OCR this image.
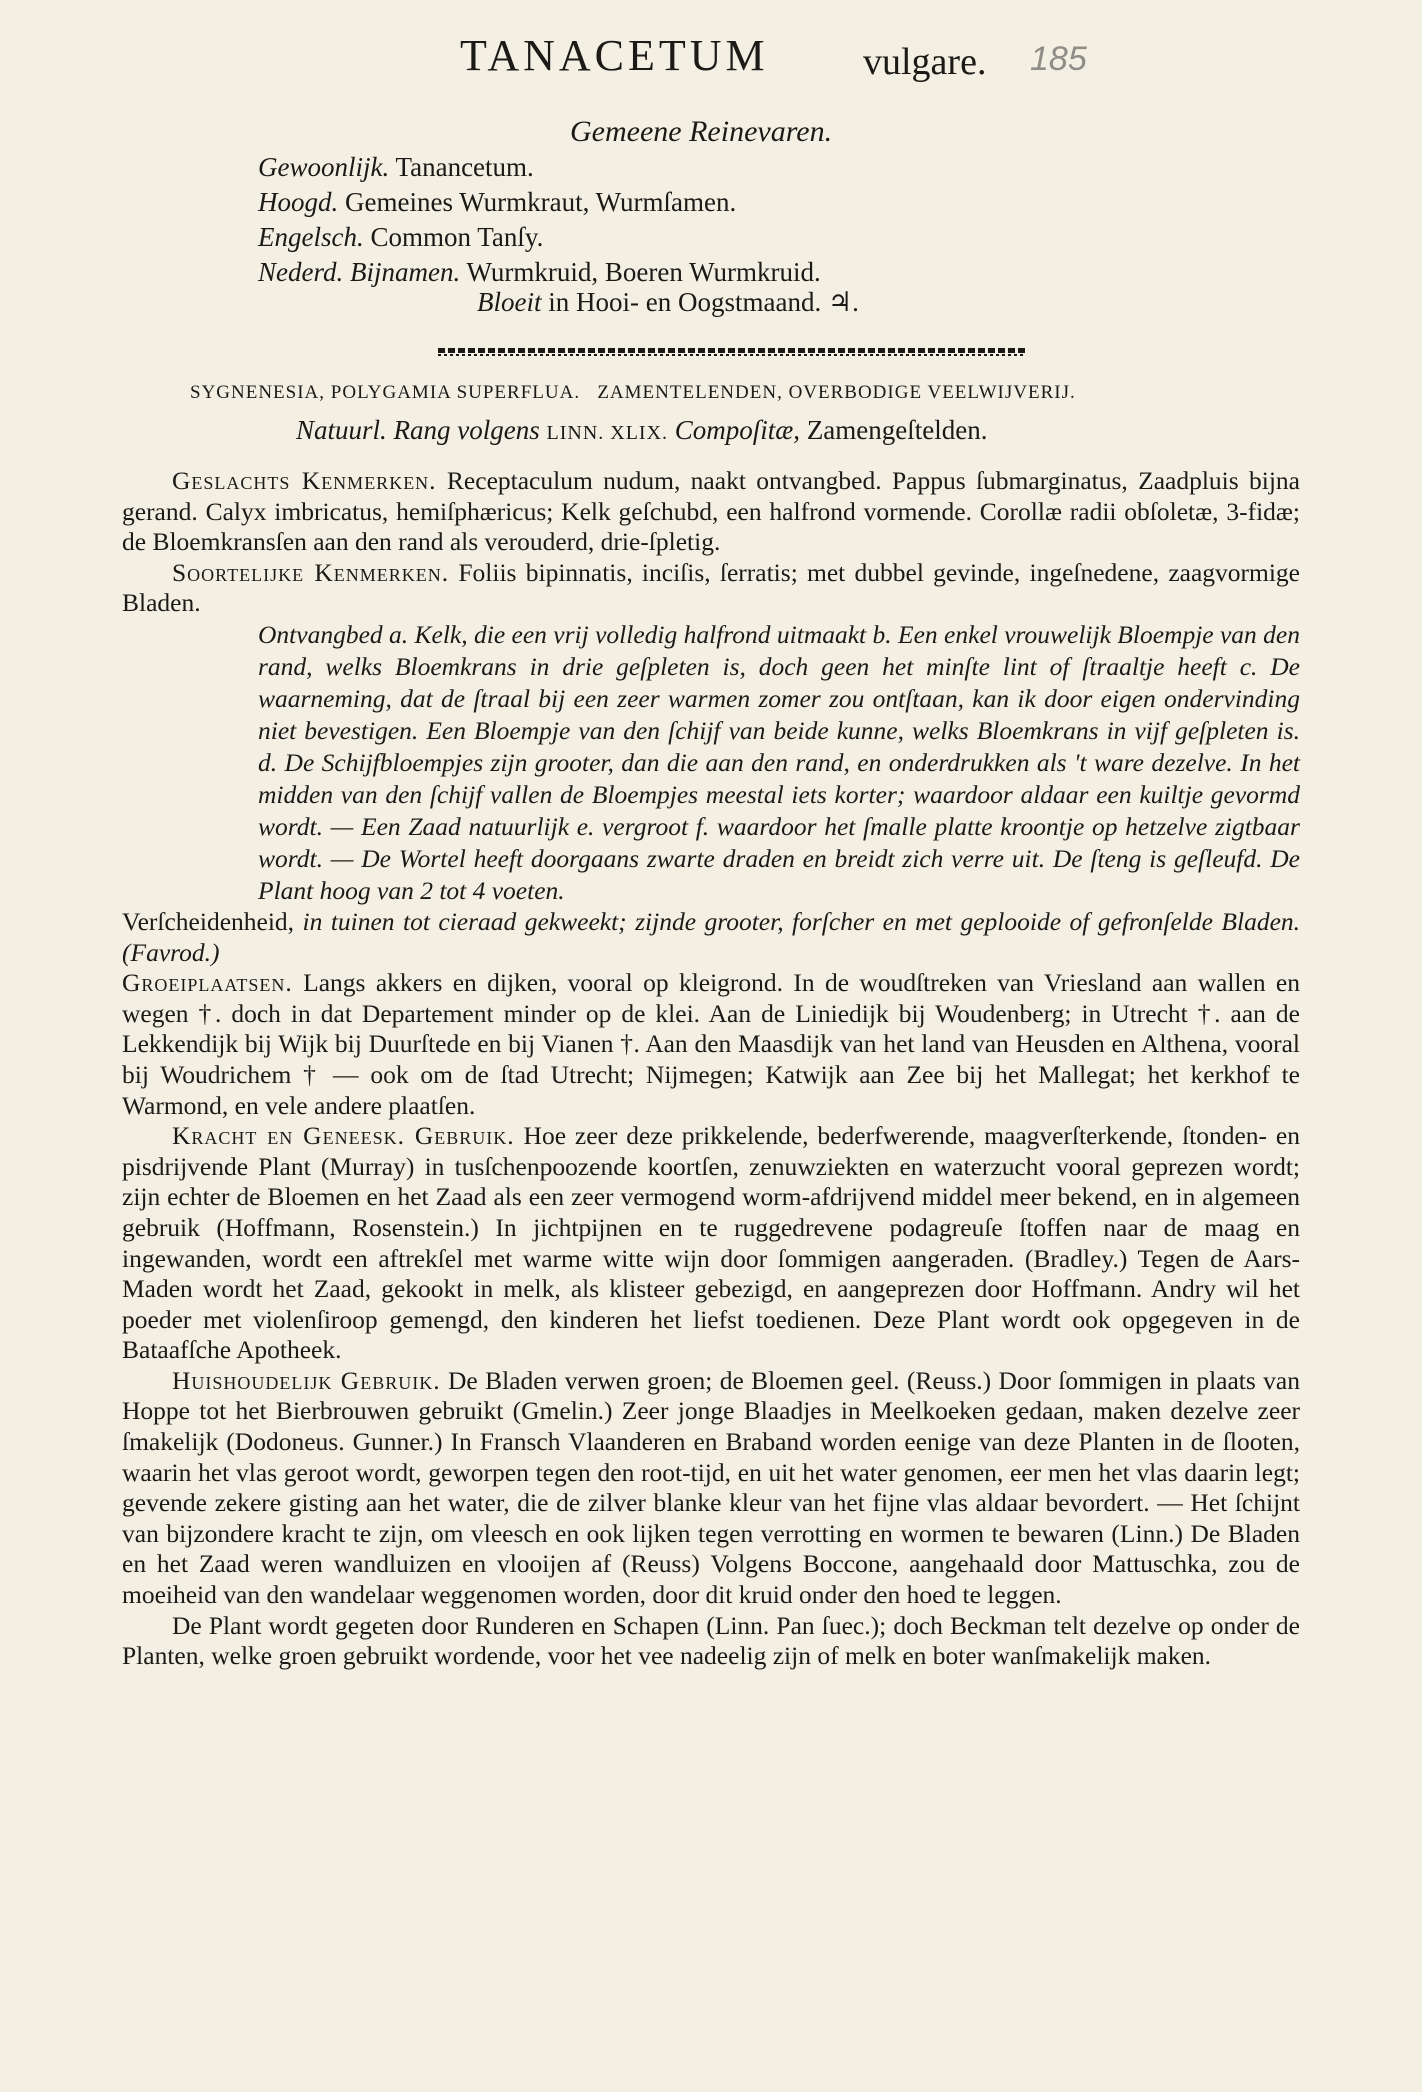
TANACETUM vulgare. 185
Gemeene Reinevaren.
Gewoonlijk. Tanancetum.
Hoogd. Gemeines Wurmkraut, Wurmſamen.
Engelsch. Common Tanſy.
Nederd. Bijnamen. Wurmkruid, Boeren Wurmkruid.
Bloeit in Hooi- en Oogstmaand. ♃.
SYGNENESIA, POLYGAMIA SUPERFLUA. ZAMENTELENDEN, OVERBODIGE VEELWIJVERIJ.
Natuurl. Rang volgens LINN. XLIX. Compoſitæ, Zamengeſtelden.

Geslachts Kenmerken. Receptaculum nudum, naakt ontvangbed. Pappus ſubmarginatus, Zaadpluis bijna gerand. Calyx imbricatus, hemiſphæricus; Kelk geſchubd, een halfrond vormende. Corollæ radii obſoletæ, 3-fidæ; de Bloemkransſen aan den rand als verouderd, drie-ſpletig.

Soortelijke Kenmerken. Foliis bipinnatis, inciſis, ſerratis; met dubbel gevinde, ingeſnedene, zaagvormige Bladen.

Ontvangbed a. Kelk, die een vrij volledig halfrond uitmaakt b. Een enkel vrouwelijk Bloempje van den rand, welks Bloemkrans in drie geſpleten is, doch geen het minſte lint of ſtraaltje heeft c. De waarneming, dat de ſtraal bij een zeer warmen zomer zou ontſtaan, kan ik door eigen ondervinding niet bevestigen. Een Bloempje van den ſchijf van beide kunne, welks Bloemkrans in vijf geſpleten is. d. De Schijfbloempjes zijn grooter, dan die aan den rand, en onderdrukken als 't ware dezelve. In het midden van den ſchijf vallen de Bloempjes meestal iets korter; waardoor aldaar een kuiltje gevormd wordt. — Een Zaad natuurlijk e. vergroot f. waardoor het ſmalle platte kroontje op hetzelve zigtbaar wordt. — De Wortel heeft doorgaans zwarte draden en breidt zich verre uit. De ſteng is geſleufd. De Plant hoog van 2 tot 4 voeten.

Verſcheidenheid, in tuinen tot cieraad gekweekt; zijnde grooter, forſcher en met geplooide of gefronſelde Bladen. (Favrod.)

Groeiplaatsen. Langs akkers en dijken, vooral op kleigrond. In de woudſtreken van Vriesland aan wallen en wegen †. doch in dat Departement minder op de klei. Aan de Liniedijk bij Woudenberg; in Utrecht †. aan de Lekkendijk bij Wijk bij Duurſtede en bij Vianen †. Aan den Maasdijk van het land van Heusden en Althena, vooral bij Woudrichem † — ook om de ſtad Utrecht; Nijmegen; Katwijk aan Zee bij het Mallegat; het kerkhof te Warmond, en vele andere plaatſen.

Kracht en Geneesk. Gebruik. Hoe zeer deze prikkelende, bederfwerende, maagverſterkende, ſtonden- en pisdrijvende Plant (Murray) in tusſchenpoozende koortſen, zenuwziekten en waterzucht vooral geprezen wordt; zijn echter de Bloemen en het Zaad als een zeer vermogend worm-afdrijvend middel meer bekend, en in algemeen gebruik (Hoffmann, Rosenstein.) In jichtpijnen en te ruggedrevene podagreuſe ſtoffen naar de maag en ingewanden, wordt een aftrekſel met warme witte wijn door ſommigen aangeraden. (Bradley.) Tegen de Aars-Maden wordt het Zaad, gekookt in melk, als klisteer gebezigd, en aangeprezen door Hoffmann. Andry wil het poeder met violenſiroop gemengd, den kinderen het liefst toedienen. Deze Plant wordt ook opgegeven in de Bataafſche Apotheek.

Huishoudelijk Gebruik. De Bladen verwen groen; de Bloemen geel. (Reuss.) Door ſommigen in plaats van Hoppe tot het Bierbrouwen gebruikt (Gmelin.) Zeer jonge Blaadjes in Meelkoeken gedaan, maken dezelve zeer ſmakelijk (Dodoneus. Gunner.) In Fransch Vlaanderen en Braband worden eenige van deze Planten in de ſlooten, waarin het vlas geroot wordt, geworpen tegen den root-tijd, en uit het water genomen, eer men het vlas daarin legt; gevende zekere gisting aan het water, die de zilver blanke kleur van het fijne vlas aldaar bevordert. — Het ſchijnt van bijzondere kracht te zijn, om vleesch en ook lijken tegen verrotting en wormen te bewaren (Linn.) De Bladen en het Zaad weren wandluizen en vlooijen af (Reuss) Volgens Boccone, aangehaald door Mattuschka, zou de moeiheid van den wandelaar weggenomen worden, door dit kruid onder den hoed te leggen.

De Plant wordt gegeten door Runderen en Schapen (Linn. Pan ſuec.); doch Beckman telt dezelve op onder de Planten, welke groen gebruikt wordende, voor het vee nadeelig zijn of melk en boter wanſmakelijk maken.
